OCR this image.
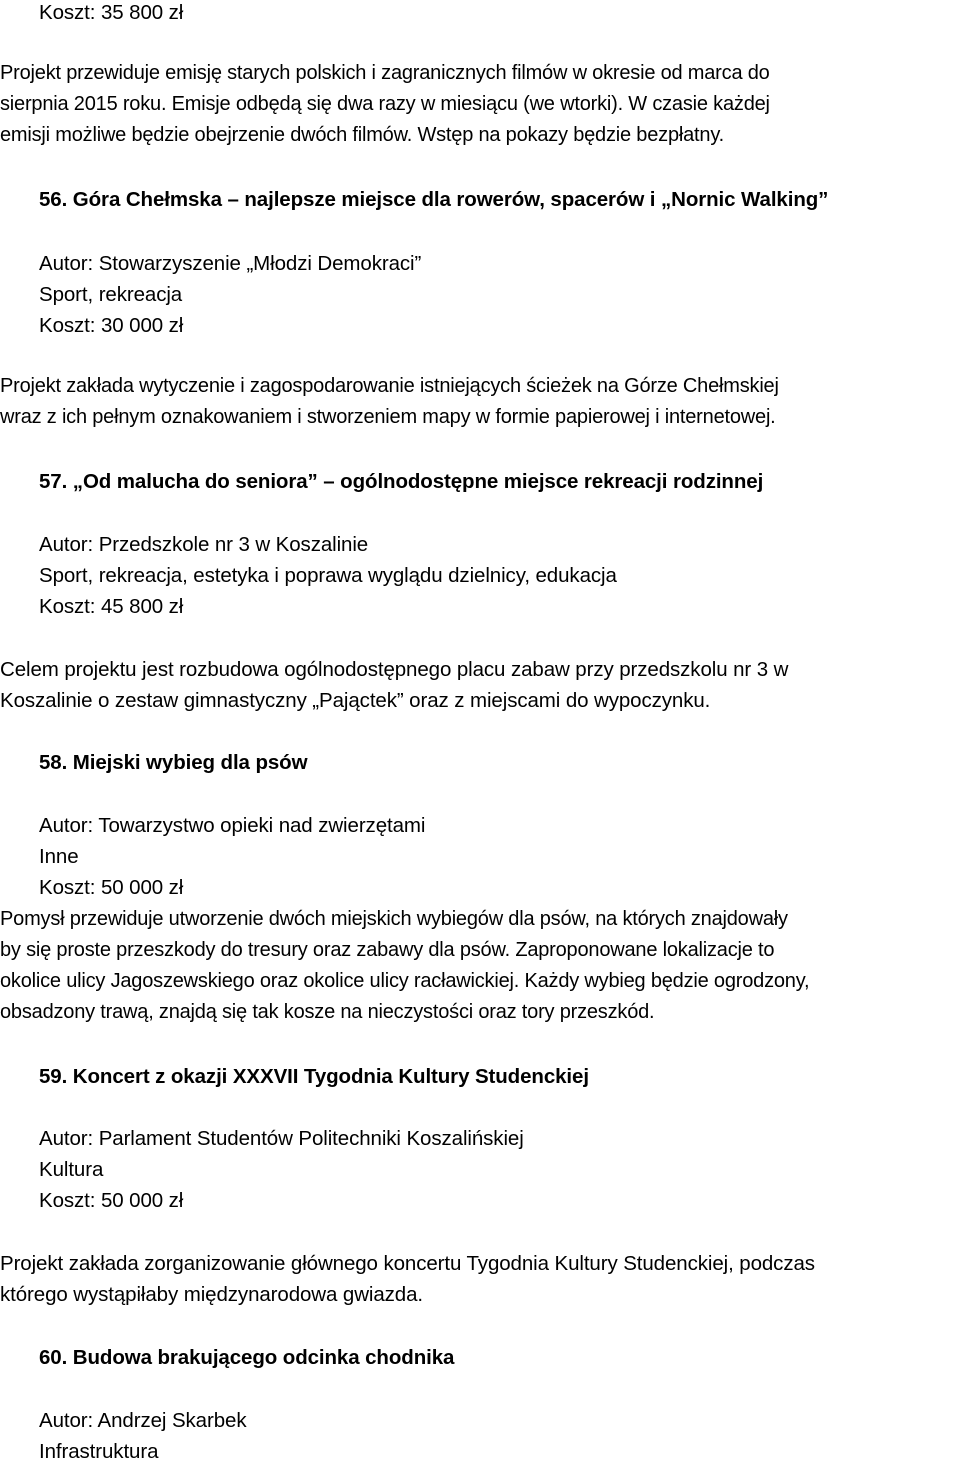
Koszt: 35 800 zł
Projekt przewiduje emisję starych polskich i zagranicznych filmów w okresie od marca do
sierpnia 2015 roku. Emisje odbędą się dwa razy w miesiącu (we wtorki). W czasie każdej
emisji możliwe będzie obejrzenie dwóch filmów. Wstęp na pokazy będzie bezpłatny.
56. Góra Chełmska – najlepsze miejsce dla rowerów, spacerów i „Nornic Walking”
Autor: Stowarzyszenie „Młodzi Demokraci”
Sport, rekreacja
Koszt: 30 000 zł
Projekt zakłada wytyczenie i zagospodarowanie istniejących ścieżek na Górze Chełmskiej
wraz z ich pełnym oznakowaniem i stworzeniem mapy w formie papierowej i internetowej.
57. „Od malucha do seniora” – ogólnodostępne miejsce rekreacji rodzinnej
Autor: Przedszkole nr 3 w Koszalinie
Sport, rekreacja, estetyka i poprawa wyglądu dzielnicy, edukacja
Koszt: 45 800 zł
Celem projektu jest rozbudowa ogólnodostępnego placu zabaw przy przedszkolu nr 3 w
Koszalinie o zestaw gimnastyczny „Pająctek” oraz z miejscami do wypoczynku.
58. Miejski wybieg dla psów
Autor: Towarzystwo opieki nad zwierzętami
Inne
Koszt: 50 000 zł
Pomysł przewiduje utworzenie dwóch miejskich wybiegów dla psów, na których znajdowały
by się proste przeszkody do tresury oraz zabawy dla psów. Zaproponowane lokalizacje to
okolice ulicy Jagoszewskiego oraz okolice ulicy racławickiej. Każdy wybieg będzie ogrodzony,
obsadzony trawą, znajdą się tak kosze na nieczystości oraz tory przeszkód.
59. Koncert z okazji XXXVII Tygodnia Kultury Studenckiej
Autor: Parlament Studentów Politechniki Koszalińskiej
Kultura
Koszt: 50 000 zł
Projekt zakłada zorganizowanie głównego koncertu Tygodnia Kultury Studenckiej, podczas
którego wystąpiłaby międzynarodowa gwiazda.
60. Budowa brakującego odcinka chodnika
Autor: Andrzej Skarbek
Infrastruktura
